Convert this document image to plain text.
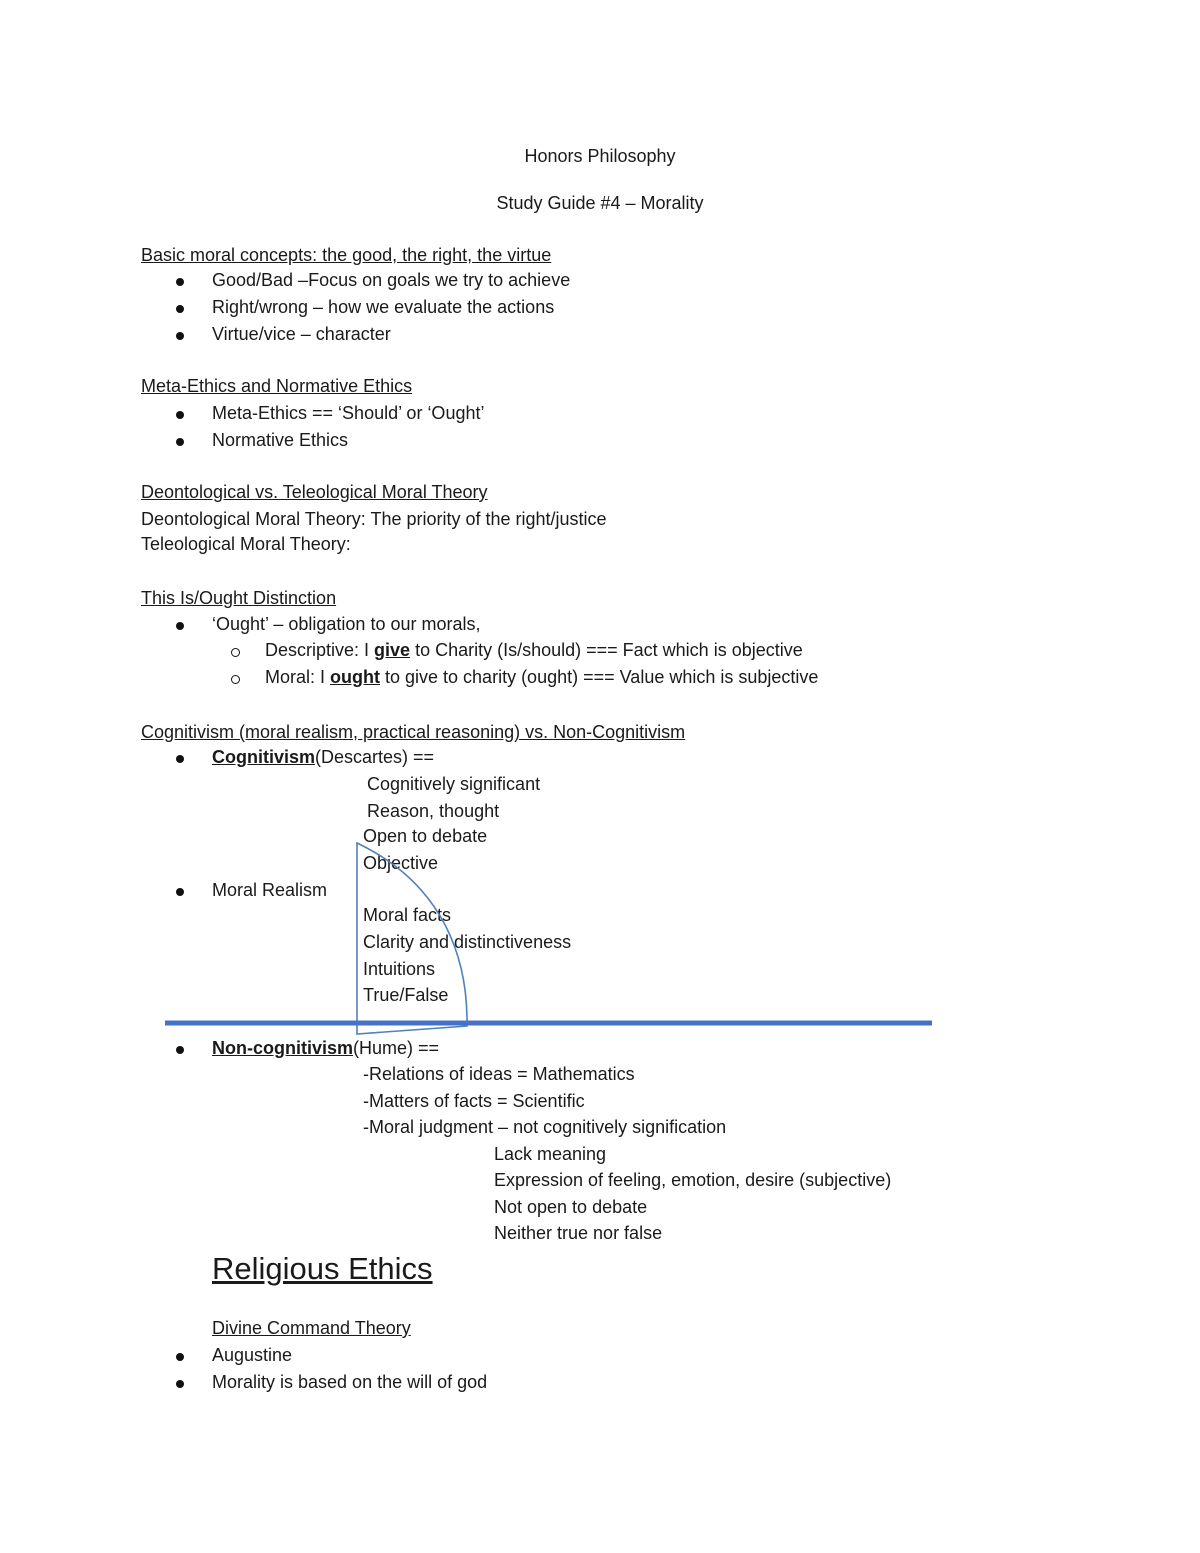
Honors Philosophy
Study Guide #4 – Morality
Basic moral concepts: the good, the right, the virtue
Good/Bad –Focus on goals we try to achieve
Right/wrong – how we evaluate the actions
Virtue/vice – character
Meta-Ethics and Normative Ethics
Meta-Ethics == ‘Should’ or ‘Ought’
Normative Ethics
Deontological vs. Teleological Moral Theory
Deontological Moral Theory: The priority of the right/justice
Teleological Moral Theory:
This Is/Ought Distinction
‘Ought’ – obligation to our morals,
Descriptive: I give to Charity (Is/should) === Fact which is objective
Moral: I ought to give to charity (ought) === Value which is subjective
Cognitivism (moral realism, practical reasoning) vs. Non-Cognitivism
Cognitivism(Descartes) ==
Cognitively significant
Reason, thought
Open to debate
Objective
Moral Realism
Moral facts
Clarity and distinctiveness
Intuitions
True/False
Non-cognitivism(Hume) ==
-Relations of ideas = Mathematics
-Matters of facts = Scientific
-Moral judgment – not cognitively signification
Lack meaning
Expression of feeling, emotion, desire (subjective)
Not open to debate
Neither true nor false
Religious Ethics
Divine Command Theory
Augustine
Morality is based on the will of god
